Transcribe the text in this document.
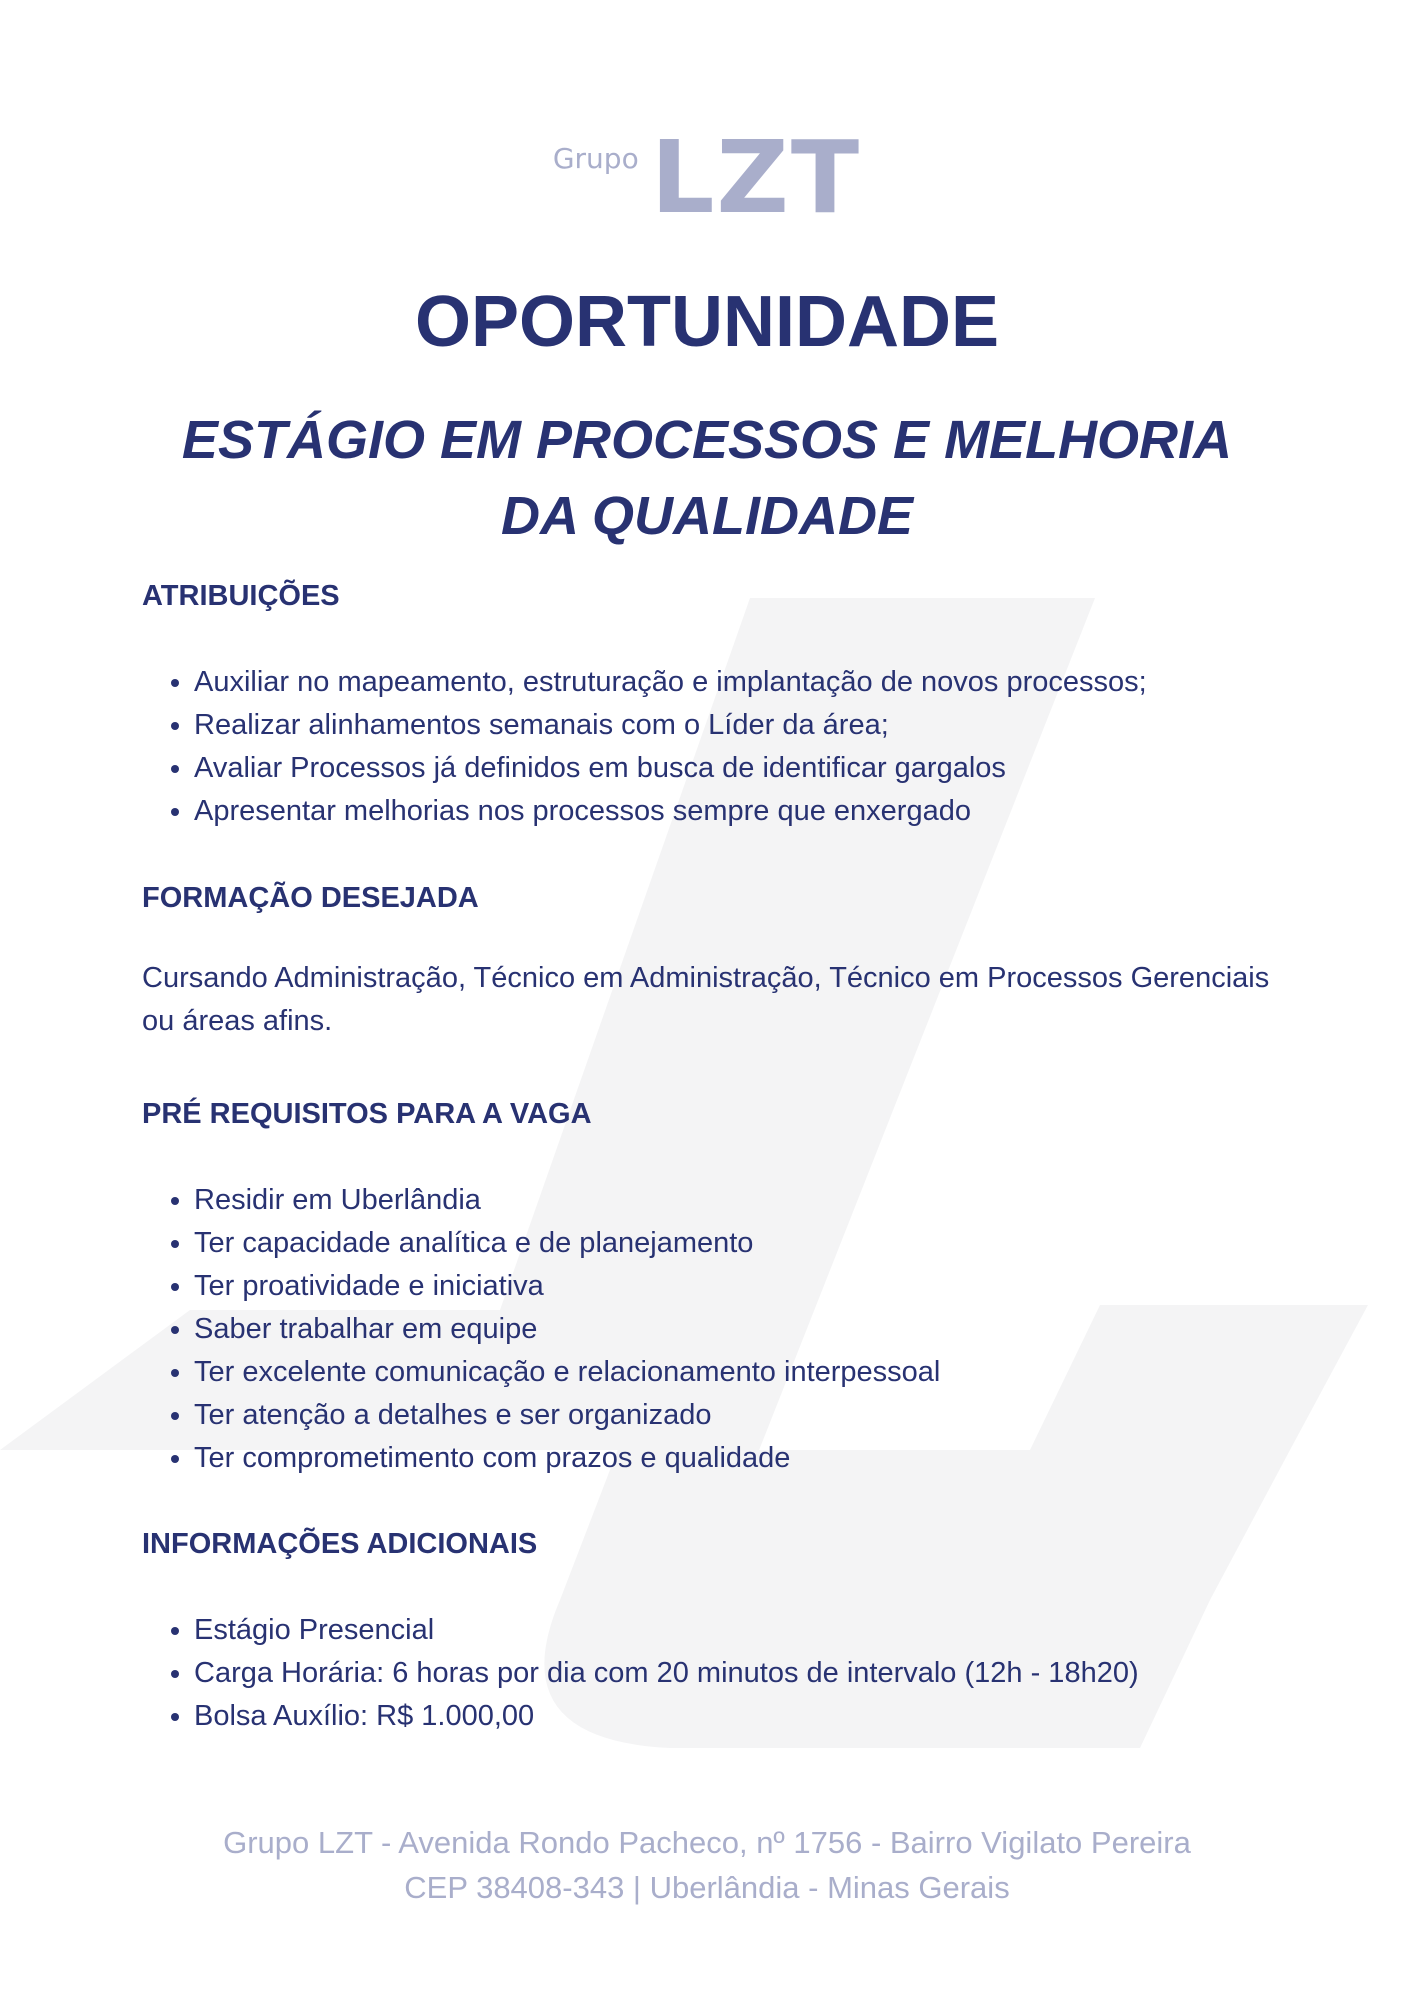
Grupo LZT
OPORTUNIDADE
ESTÁGIO EM PROCESSOS E MELHORIA DA QUALIDADE
ATRIBUIÇÕES
• Auxiliar no mapeamento, estruturação e implantação de novos processos;
• Realizar alinhamentos semanais com o Líder da área;
• Avaliar Processos já definidos em busca de identificar gargalos
• Apresentar melhorias nos processos sempre que enxergado
FORMAÇÃO DESEJADA

Cursando Administração, Técnico em Administração, Técnico em Processos Gerenciais ou áreas afins.

PRÉ REQUISITOS PARA A VAGA
• Residir em Uberlândia
• Ter capacidade analítica e de planejamento
• Ter proatividade e iniciativa
• Saber trabalhar em equipe
• Ter excelente comunicação e relacionamento interpessoal
• Ter atenção a detalhes e ser organizado
• Ter comprometimento com prazos e qualidade
INFORMAÇÕES ADICIONAIS
• Estágio Presencial
• Carga Horária: 6 horas por dia com 20 minutos de intervalo (12h - 18h20)
• Bolsa Auxílio: R$ 1.000,00
Grupo LZT - Avenida Rondo Pacheco, nº 1756 - Bairro Vigilato Pereira
CEP 38408-343 | Uberlândia - Minas Gerais
